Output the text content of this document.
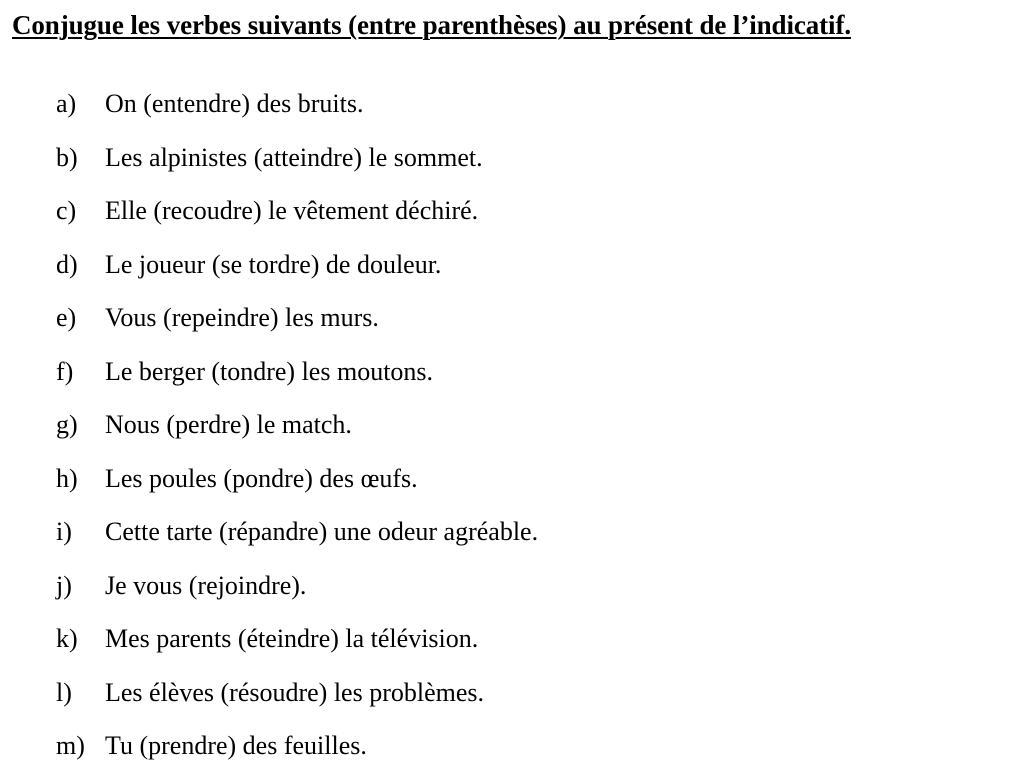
Conjugue les verbes suivants (entre parenthèses) au présent de l’indicatif.
a) On (entendre) des bruits.
b) Les alpinistes (atteindre) le sommet.
c) Elle (recoudre) le vêtement déchiré.
d) Le joueur (se tordre) de douleur.
e) Vous (repeindre) les murs.
f) Le berger (tondre) les moutons.
g) Nous (perdre) le match.
h) Les poules (pondre) des œufs.
i) Cette tarte (répandre) une odeur agréable.
j) Je vous (rejoindre).
k) Mes parents (éteindre) la télévision.
l) Les élèves (résoudre) les problèmes.
m) Tu (prendre) des feuilles.
